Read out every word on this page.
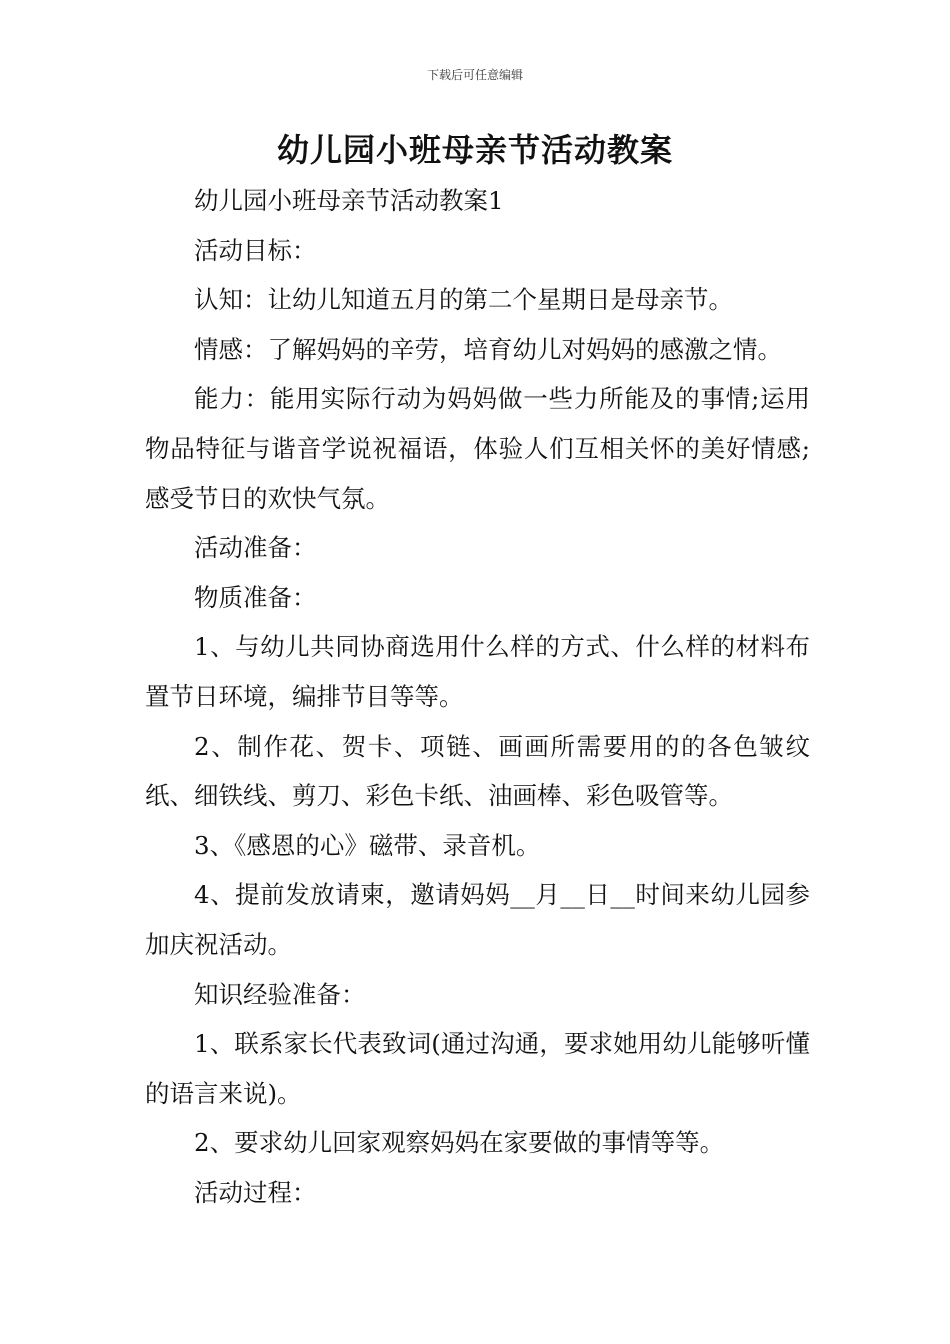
下载后可任意编辑
幼儿园小班母亲节活动教案

幼儿园小班母亲节活动教案1

活动目标：

认知：让幼儿知道五月的第二个星期日是母亲节。

情感：了解妈妈的辛劳，培育幼儿对妈妈的感激之情。

能力：能用实际行动为妈妈做一些力所能及的事情;运用物品特征与谐音学说祝福语，体验人们互相关怀的美好情感;感受节日的欢快气氛。

活动准备：

物质准备：

1、与幼儿共同协商选用什么样的方式、什么样的材料布置节日环境，编排节目等等。

2、制作花、贺卡、项链、画画所需要用的的各色皱纹纸、细铁线、剪刀、彩色卡纸、油画棒、彩色吸管等。

3、《感恩的心》磁带、录音机。

4、提前发放请柬，邀请妈妈__月__日__时间来幼儿园参加庆祝活动。

知识经验准备：

1、联系家长代表致词(通过沟通，要求她用幼儿能够听懂的语言来说)。

2、要求幼儿回家观察妈妈在家要做的事情等等。

活动过程：
